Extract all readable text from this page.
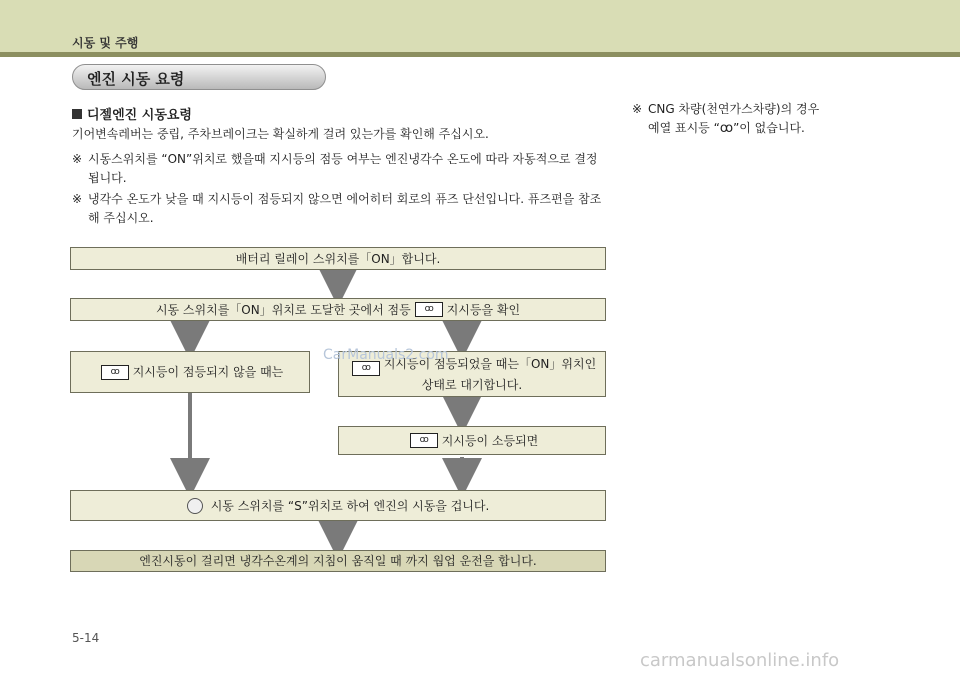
시동 및 주행
엔진 시동 요령
디젤엔진 시동요령
기어변속레버는 중립, 주차브레이크는 확실하게 걸려 있는가를 확인해 주십시오.
※ 시동스위치를 “ON”위치로 했을때 지시등의 점등 여부는 엔진냉각수 온도에 따라 자동적으로 결정
됩니다.
※ 냉각수 온도가 낮을 때 지시등이 점등되지 않으면 에어히터 회로의 퓨즈 단선입니다. 퓨즈편을 참조
해 주십시오.
※ CNG 차량(천연가스차량)의 경우
예열 표시등 “ꝏ”이 없습니다.
배터리 릴레이 스위치를「ON」합니다.
시동 스위치를「ON」위치로 도달한 곳에서 점등	ꝏ	지시등을 확인
ꝏ	지시등이 점등되지 않을 때는	ꝏ 지시등이 점등되었을 때는「ON」위치인
상태로 대기합니다.
ꝏ	지시등이 소등되면
시동 스위치를 “S”위치로 하여 엔진의 시동을 겁니다.
엔진시동이 걸리면 냉각수온계의 지침이 움직일 때 까지 웜업 운전을 합니다.
CarManuals2.com
5-14
carmanualsonline.info
